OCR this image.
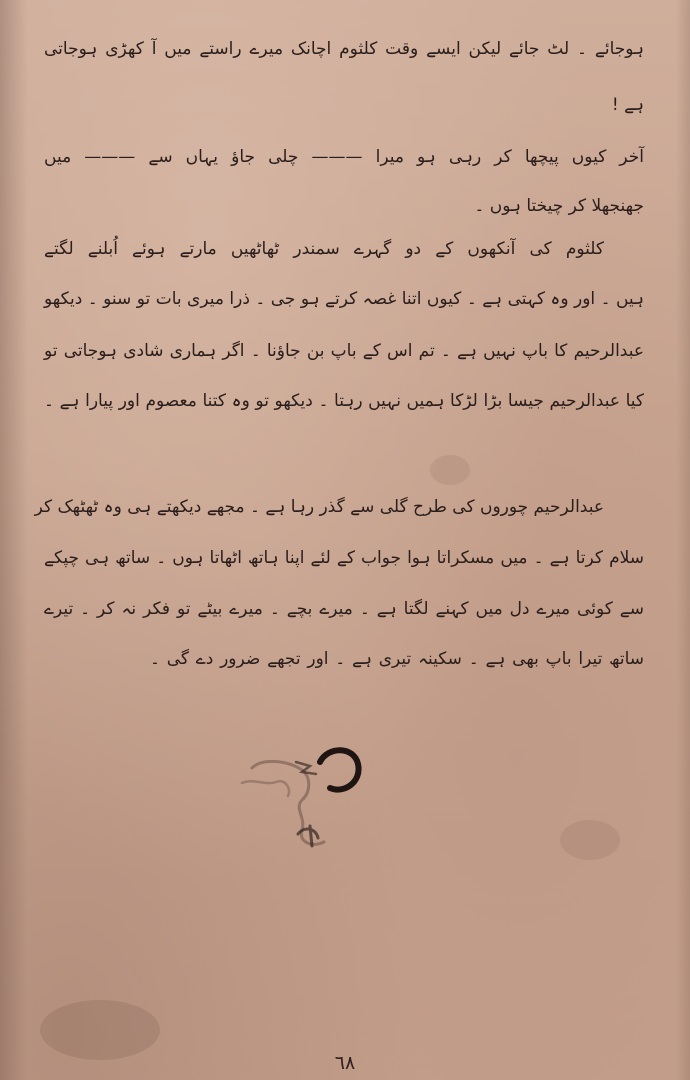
ہوجائے ۔ لٹ جائے لیکن ایسے وقت کلثوم اچانک میرے راستے میں آ کھڑی ہوجاتی
ہے !
آخر کیوں پیچھا کر رہی ہو میرا ——— چلی جاؤ یہاں سے ——— میں
جھنجھلا کر چیختا ہوں ۔
کلثوم کی آنکھوں کے دو گہرے سمندر ٹھاٹھیں مارتے ہوئے اُبلنے لگتے
ہیں ۔ اور وہ کہتی ہے ۔ کیوں اتنا غصہ کرتے ہو جی ۔ ذرا میری بات تو سنو ۔ دیکھو
عبدالرحیم کا باپ نہیں ہے ۔ تم اس کے باپ بن جاؤنا ۔ اگر ہماری شادی ہوجاتی تو
کیا عبدالرحیم جیسا بڑا لڑکا ہمیں نہیں رہتا ۔ دیکھو تو وہ کتنا معصوم اور پیارا ہے ۔
عبدالرحیم چوروں کی طرح گلی سے گذر رہا ہے ۔ مجھے دیکھتے ہی وہ ٹھٹھک کر
سلام کرتا ہے ۔ میں مسکراتا ہوا جواب کے لئے اپنا ہاتھ اٹھاتا ہوں ۔ ساتھ ہی چپکے
سے کوئی میرے دل میں کہنے لگتا ہے ۔ میرے بچے ۔ میرے بیٹے تو فکر نہ کر ۔ تیرے
ساتھ تیرا باپ بھی ہے ۔ سکینہ تیری ہے ۔ اور تجھے ضرور دے گی ۔
٦٨
